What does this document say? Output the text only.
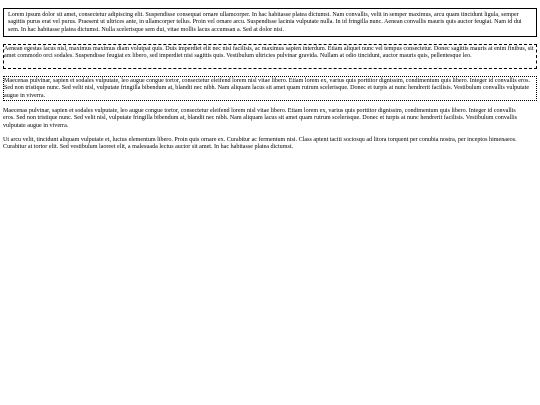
Lorem ipsum dolor sit amet, consectetur adipiscing elit. Suspendisse consequat ornare ullamcorper. In hac habitasse platea dictumst. Nam convallis, velit in semper maximus, arcu quam tincidunt ligula, semper sagittis purus erat vel purus. Praesent ut ultrices ante, in ullamcorper tellus. Proin vel ornare arcu. Suspendisse lacinia vulputate nulla. In id fringilla nunc. Aenean convallis mauris quis auctor feugiat. Nam id dui sem. In hac habitasse platea dictumst. Nulla scelerisque sem dui, vitae mollis lacus accumsan a. Sed at dolor nisi.

Aenean egestas lacus nisl, maximus maximus diam volutpat quis. Duis imperdiet elit nec nisi facilisis, ac maximus sapien interdum. Etiam aliquet nunc vel tempus consectetur. Donec sagittis mauris at enim finibus, sit amet commodo orci sodales. Suspendisse feugiat ex libero, sed imperdiet nisi sagittis quis. Vestibulum ultricies pulvinar gravida. Nullam at odio tincidunt, auctor mauris quis, pellentesque leo.

Maecenas pulvinar, sapien et sodales vulputate, leo augue congue tortor, consectetur eleifend lorem nisl vitae libero. Etiam lorem ex, varius quis porttitor dignissim, condimentum quis libero. Integer id convallis eros. Sed non tristique nunc. Sed velit nisl, vulputate fringilla bibendum at, blandit nec nibh. Nam aliquam lacus sit amet quam rutrum scelerisque. Donec et turpis at nunc hendrerit facilisis. Vestibulum convallis vulputate augue in viverra.

Maecenas pulvinar, sapien et sodales vulputate, leo augue congue tortor, consectetur eleifend lorem nisl vitae libero. Etiam lorem ex, varius quis porttitor dignissim, condimentum quis libero. Integer id convallis eros. Sed non tristique nunc. Sed velit nisl, vulputate fringilla bibendum at, blandit nec nibh. Nam aliquam lacus sit amet quam rutrum scelerisque. Donec et turpis at nunc hendrerit facilisis. Vestibulum convallis vulputate augue in viverra.

Ut arcu velit, tincidunt aliquam vulputate et, luctus elementum libero. Proin quis ornare ex. Curabitur ac fermentum nisi. Class aptent taciti sociosqu ad litora torquent per conubia nostra, per inceptos himenaeos. Curabitur at tortor elit. Sed vestibulum laoreet elit, a malesuada lectus auctor sit amet. In hac habitasse platea dictumst.
